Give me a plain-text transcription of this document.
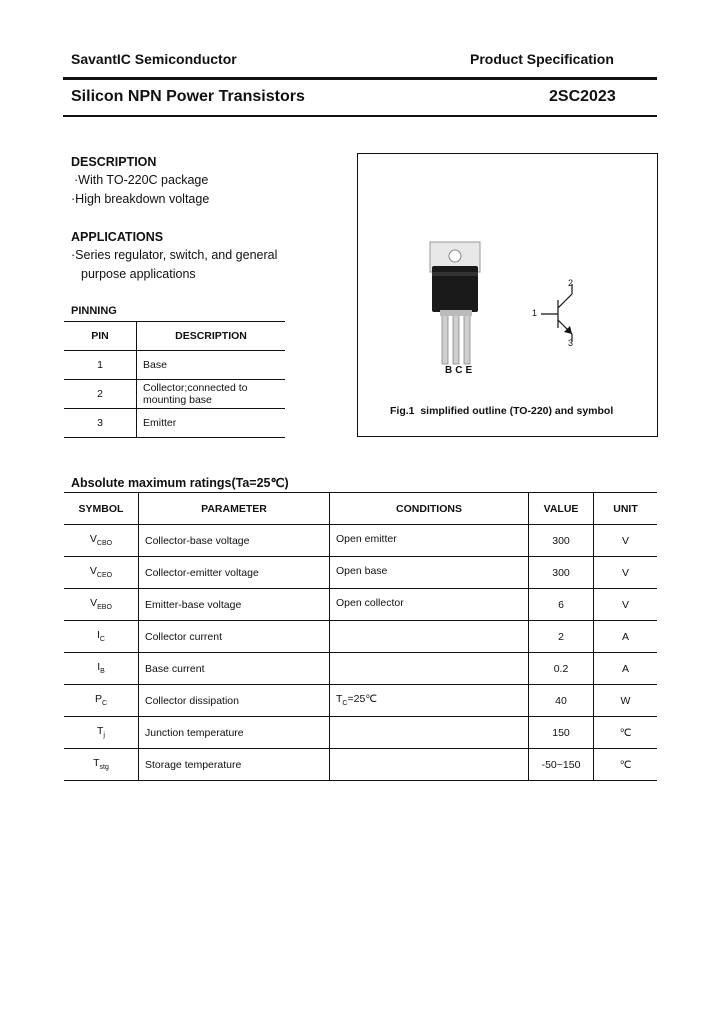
SavantIC Semiconductor	Product Specification
Silicon NPN Power Transistors	2SC2023
DESCRIPTION
·With TO-220C package
·High breakdown voltage
APPLICATIONS
·Series regulator, switch, and general
purpose applications
PINNING
PIN	DESCRIPTION
1	Base
2	Collector;connected to mounting base
3	Emitter
BCE
1
2
3
Fig.1  simplified outline (TO-220) and symbol
Absolute maximum ratings(Ta=25℃)
SYMBOL	PARAMETER	CONDITIONS	VALUE	UNIT
$V_{CBO}$	Collector-base voltage	Open emitter	300	V
$V_{CEO}$	Collector-emitter voltage	Open base	300	V
$V_{EBO}$	Emitter-base voltage	Open collector	6	V
$I_C$	Collector current		2	A
$I_B$	Base current		0.2	A
$P_C$	Collector dissipation	$T_C=25℃$	40	W
$T_j$	Junction temperature		150	℃
$T_{stg}$	Storage temperature		-50~150	℃
